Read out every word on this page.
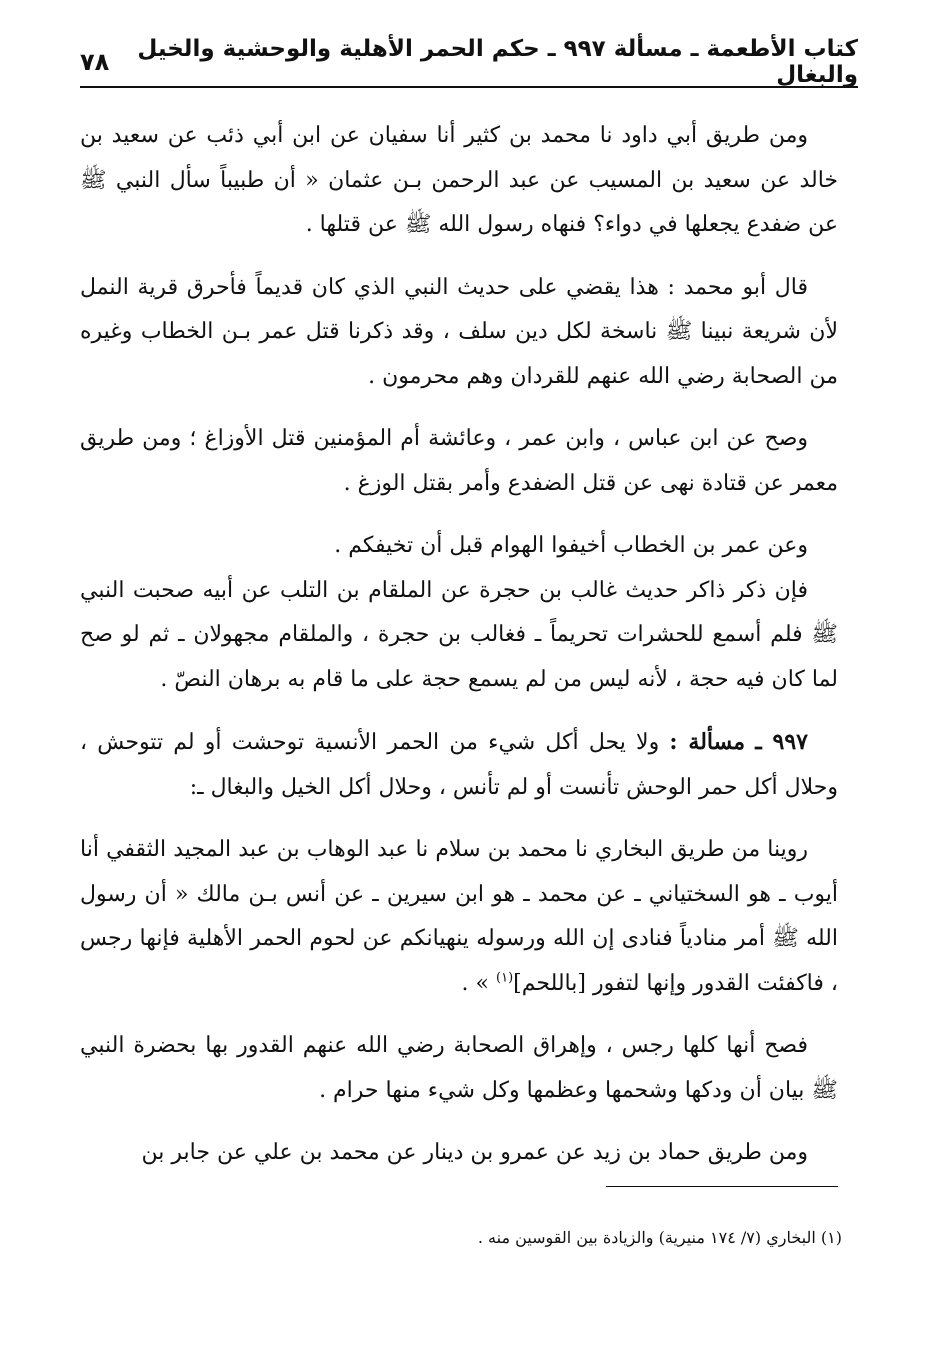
كتاب الأطعمة ـ مسألة ٩٩٧ ـ حكم الحمر الأهلية والوحشية والخيل والبغال
٧٨

ومن طريق أبي داود نا محمد بن كثير أنا سفيان عن ابن أبي ذئب عن سعيد بن خالد عن سعيد بن المسيب عن عبد الرحمن بـن عثمان « أن طبيباً سأل النبي ﷺ عن ضفدع يجعلها في دواء؟ فنهاه رسول الله ﷺ عن قتلها .

قال أبو محمد : هذا يقضي على حديث النبي الذي كان قديماً فأحرق قرية النمل لأن شريعة نبينا ﷺ ناسخة لكل دين سلف ، وقد ذكرنا قتل عمر بـن الخطاب وغيره من الصحابة رضي الله عنهم للقردان وهم محرمون .

وصح عن ابن عباس ، وابن عمر ، وعائشة أم المؤمنين قتل الأوزاغ ؛ ومن طريق معمر عن قتادة نهى عن قتل الضفدع وأمر بقتل الوزغ .

وعن عمر بن الخطاب أخيفوا الهوام قبل أن تخيفكم .

فإن ذكر ذاكر حديث غالب بن حجرة عن الملقام بن التلب عن أبيه صحبت النبي ﷺ فلم أسمع للحشرات تحريماً ـ فغالب بن حجرة ، والملقام مجهولان ـ ثم لو صح لما كان فيه حجة ، لأنه ليس من لم يسمع حجة على ما قام به برهان النصّ .

٩٩٧ ـ مسألة : ولا يحل أكل شيء من الحمر الأنسية توحشت أو لم تتوحش ، وحلال أكل حمر الوحش تأنست أو لم تأنس ، وحلال أكل الخيل والبغال ـ:

روينا من طريق البخاري نا محمد بن سلام نا عبد الوهاب بن عبد المجيد الثقفي أنا أيوب ـ هو السختياني ـ عن محمد ـ هو ابن سيرين ـ عن أنس بـن مالك « أن رسول الله ﷺ أمر منادياً فنادى إن الله ورسوله ينهيانكم عن لحوم الحمر الأهلية فإنها رجس ، فاكفئت القدور وإنها لتفور [باللحم]$^{(١)}$ » .

فصح أنها كلها رجس ، وإهراق الصحابة رضي الله عنهم القدور بها بحضرة النبي ﷺ بيان أن ودكها وشحمها وعظمها وكل شيء منها حرام .

ومن طريق حماد بن زيد عن عمرو بن دينار عن محمد بن علي عن جابر بن

(١) البخاري (٧/ ١٧٤ منيرية) والزيادة بين القوسين منه .
